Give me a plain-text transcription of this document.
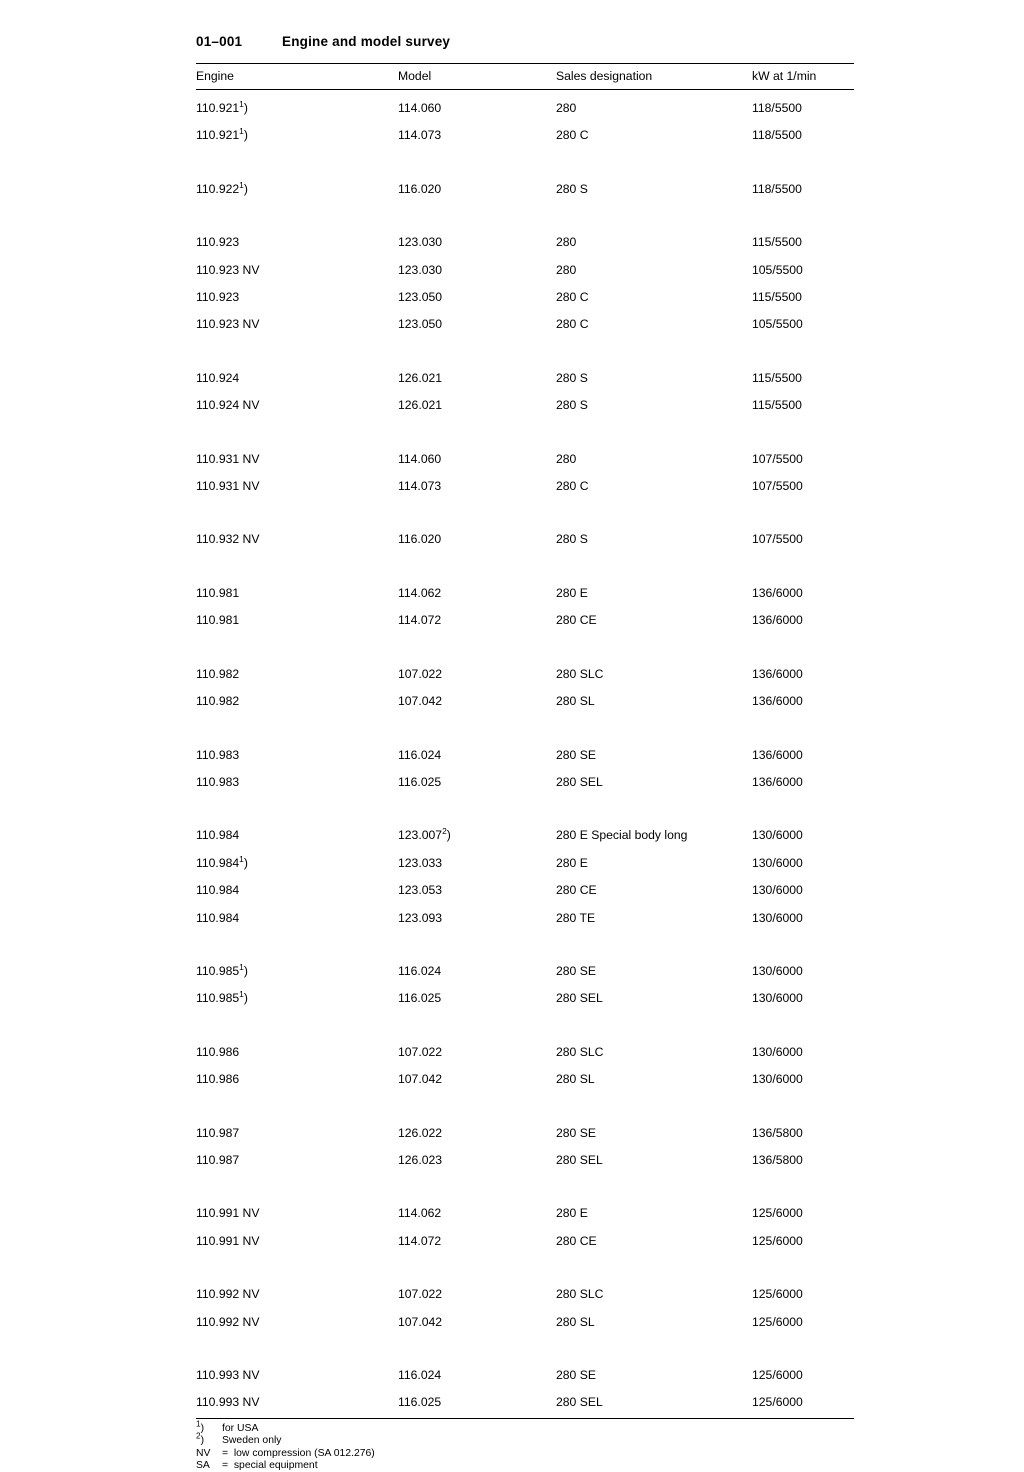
01–001	Engine and model survey
Engine	Model	Sales designation	kW at 1/min
110.921$^1$)	114.060	280	118/5500
110.921$^1$)	114.073	280 C	118/5500

110.922$^1$)	116.020	280 S	118/5500

110.923	123.030	280	115/5500
110.923 NV	123.030	280	105/5500
110.923	123.050	280 C	115/5500
110.923 NV	123.050	280 C	105/5500

110.924	126.021	280 S	115/5500
110.924 NV	126.021	280 S	115/5500

110.931 NV	114.060	280	107/5500
110.931 NV	114.073	280 C	107/5500

110.932 NV	116.020	280 S	107/5500

110.981	114.062	280 E	136/6000
110.981	114.072	280 CE	136/6000

110.982	107.022	280 SLC	136/6000
110.982	107.042	280 SL	136/6000

110.983	116.024	280 SE	136/6000
110.983	116.025	280 SEL	136/6000

110.984	123.007$^2$)	280 E Special body long	130/6000
110.984$^1$)	123.033	280 E	130/6000
110.984	123.053	280 CE	130/6000
110.984	123.093	280 TE	130/6000

110.985$^1$)	116.024	280 SE	130/6000
110.985$^1$)	116.025	280 SEL	130/6000

110.986	107.022	280 SLC	130/6000
110.986	107.042	280 SL	130/6000

110.987	126.022	280 SE	136/5800
110.987	126.023	280 SEL	136/5800

110.991 NV	114.062	280 E	125/6000
110.991 NV	114.072	280 CE	125/6000

110.992 NV	107.022	280 SLC	125/6000
110.992 NV	107.042	280 SL	125/6000

110.993 NV	116.024	280 SE	125/6000
110.993 NV	116.025	280 SEL	125/6000
$^1$) for USA
$^2$) Sweden only
NV =  low compression (SA 012.276)
SA =  special equipment
